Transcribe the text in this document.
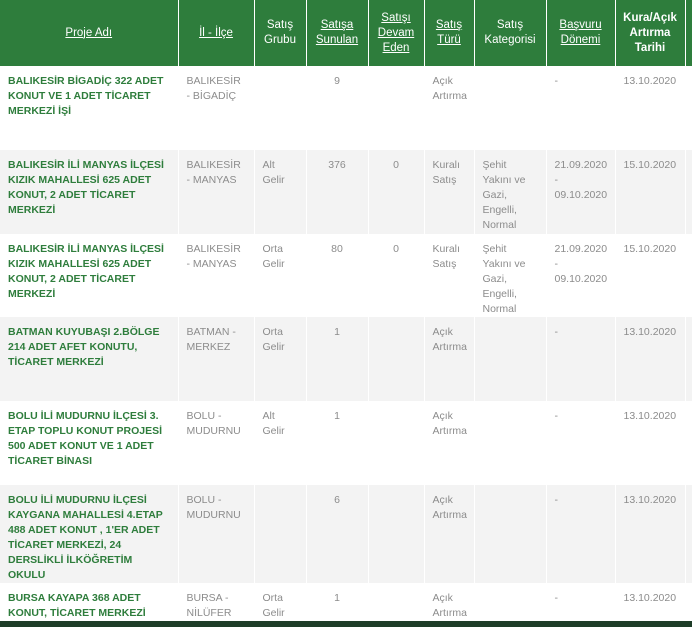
Proje Adı	İl - İlçe	Satış Grubu	Satışa Sunulan	Satışı Devam Eden	Satış Türü	Satış Kategorisi	Başvuru Dönemi	Kura/Açık Artırma Tarihi	
BALIKESİR BİGADİÇ 322 ADET KONUT VE 1 ADET TİCARET MERKEZİ İŞİ	BALIKESİR - BİGADİÇ		9		Açık Artırma		-	13.10.2020	
BALIKESİR İLİ MANYAS İLÇESİ KIZIK MAHALLESİ 625 ADET KONUT, 2 ADET TİCARET MERKEZİ	BALIKESİR - MANYAS	Alt Gelir	376	0	Kuralı Satış	Şehit Yakını ve Gazi, Engelli, Normal	21.09.2020 - 09.10.2020	15.10.2020	
BALIKESİR İLİ MANYAS İLÇESİ KIZIK MAHALLESİ 625 ADET KONUT, 2 ADET TİCARET MERKEZİ	BALIKESİR - MANYAS	Orta Gelir	80	0	Kuralı Satış	Şehit Yakını ve Gazi, Engelli, Normal	21.09.2020 - 09.10.2020	15.10.2020	
BATMAN KUYUBAŞI 2.BÖLGE 214 ADET AFET KONUTU, TİCARET MERKEZİ	BATMAN - MERKEZ	Orta Gelir	1		Açık Artırma		-	13.10.2020	
BOLU İLİ MUDURNU İLÇESİ 3. ETAP TOPLU KONUT PROJESİ 500 ADET KONUT VE 1 ADET TİCARET BİNASI	BOLU - MUDURNU	Alt Gelir	1		Açık Artırma		-	13.10.2020	
BOLU İLİ MUDURNU İLÇESİ KAYGANA MAHALLESİ 4.ETAP 488 ADET KONUT , 1'ER ADET TİCARET MERKEZİ, 24 DERSLİKLİ İLKÖĞRETİM OKULU	BOLU - MUDURNU		6		Açık Artırma		-	13.10.2020	
BURSA KAYAPA 368 ADET KONUT, TİCARET MERKEZİ	BURSA - NİLÜFER	Orta Gelir	1		Açık Artırma		-	13.10.2020	
